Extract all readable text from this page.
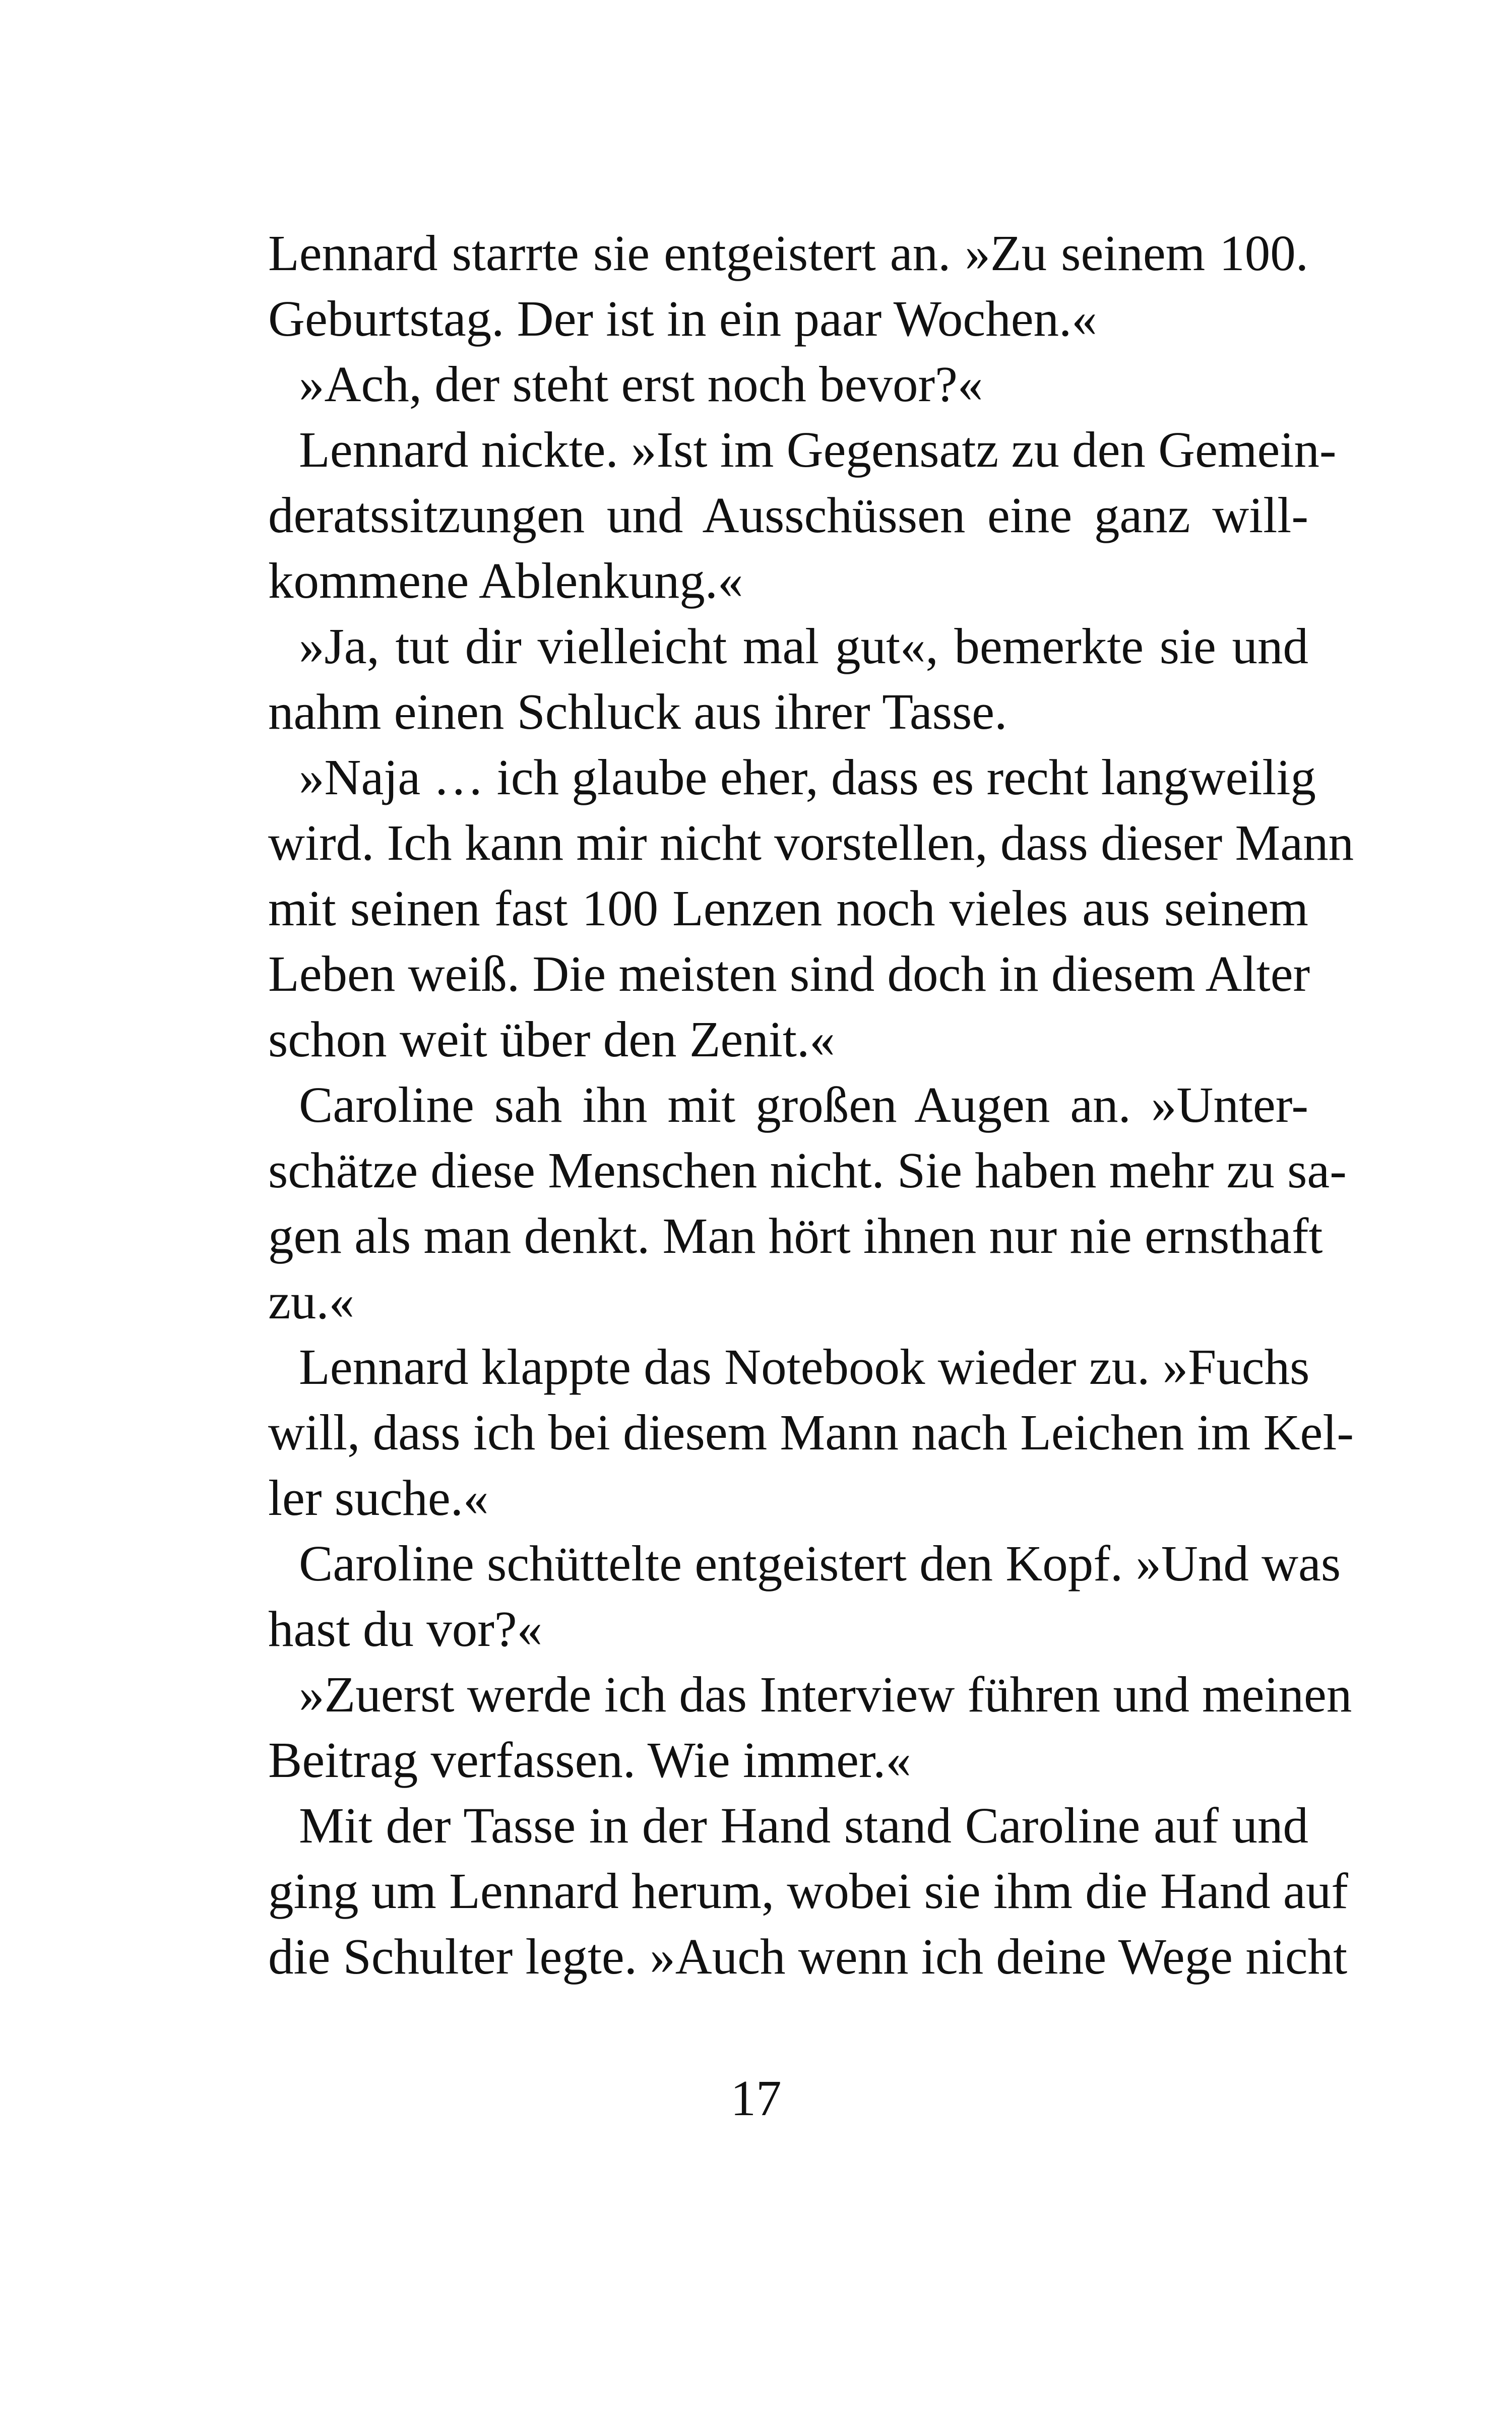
Lennard starrte sie entgeistert an. »Zu seinem 100.
Geburtstag. Der ist in ein paar Wochen.«
»Ach, der steht erst noch bevor?«
Lennard nickte. »Ist im Gegensatz zu den Gemein-
deratssitzungen und Ausschüssen eine ganz will-
kommene Ablenkung.«
»Ja, tut dir vielleicht mal gut«, bemerkte sie und
nahm einen Schluck aus ihrer Tasse.
»Naja … ich glaube eher, dass es recht langweilig
wird. Ich kann mir nicht vorstellen, dass dieser Mann
mit seinen fast 100 Lenzen noch vieles aus seinem
Leben weiß. Die meisten sind doch in diesem Alter
schon weit über den Zenit.«
Caroline sah ihn mit großen Augen an. »Unter-
schätze diese Menschen nicht. Sie haben mehr zu sa-
gen als man denkt. Man hört ihnen nur nie ernsthaft
zu.«
Lennard klappte das Notebook wieder zu. »Fuchs
will, dass ich bei diesem Mann nach Leichen im Kel-
ler suche.«
Caroline schüttelte entgeistert den Kopf. »Und was
hast du vor?«
»Zuerst werde ich das Interview führen und meinen
Beitrag verfassen. Wie immer.«
Mit der Tasse in der Hand stand Caroline auf und
ging um Lennard herum, wobei sie ihm die Hand auf
die Schulter legte. »Auch wenn ich deine Wege nicht
17
